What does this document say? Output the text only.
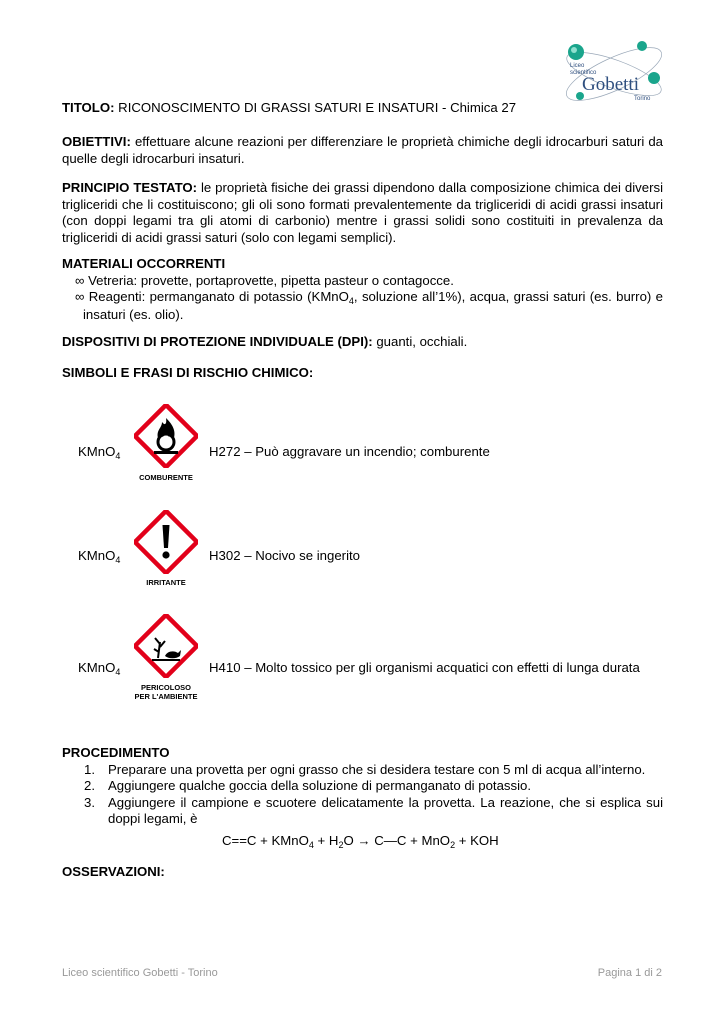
Liceo
scientifico
Gobetti
Torino
TITOLO: RICONOSCIMENTO DI GRASSI SATURI E INSATURI - Chimica 27
OBIETTIVI: effettuare alcune reazioni per differenziare le proprietà chimiche degli idrocarburi saturi da quelle degli idrocarburi insaturi.
PRINCIPIO TESTATO: le proprietà fisiche dei grassi dipendono dalla composizione chimica dei diversi trigliceridi che li costituiscono; gli oli sono formati prevalentemente da trigliceridi di acidi grassi insaturi (con doppi legami tra gli atomi di carbonio) mentre i grassi solidi sono costituiti in prevalenza da trigliceridi di acidi grassi saturi (solo con legami semplici).
MATERIALI OCCORRENTI
∞ Vetreria: provette, portaprovette, pipetta pasteur o contagocce.
∞ Reagenti: permanganato di potassio (KMnO$_4$, soluzione all’1%), acqua, grassi saturi (es. burro) e insaturi (es. olio).
DISPOSITIVI DI PROTEZIONE INDIVIDUALE (DPI): guanti, occhiali.
SIMBOLI E FRASI DI RISCHIO CHIMICO:
KMnO$_4$
COMBURENTE
H272 – Può aggravare un incendio; comburente
KMnO$_4$
IRRITANTE
H302 – Nocivo se ingerito
KMnO$_4$
PERICOLOSO
PER L'AMBIENTE
H410 – Molto tossico per gli organismi acquatici con effetti di lunga durata
PROCEDIMENTO
1. Preparare una provetta per ogni grasso che si desidera testare con 5 ml di acqua all’interno.
2. Aggiungere qualche goccia della soluzione di permanganato di potassio.
3. Aggiungere il campione e scuotere delicatamente la provetta. La reazione, che si esplica sui doppi legami, è
C==C + KMnO$_4$ + $H_2O$ → C—C + MnO$_2$ + KOH
OSSERVAZIONI:
Liceo scientifico Gobetti - Torino	Pagina 1 di 2
